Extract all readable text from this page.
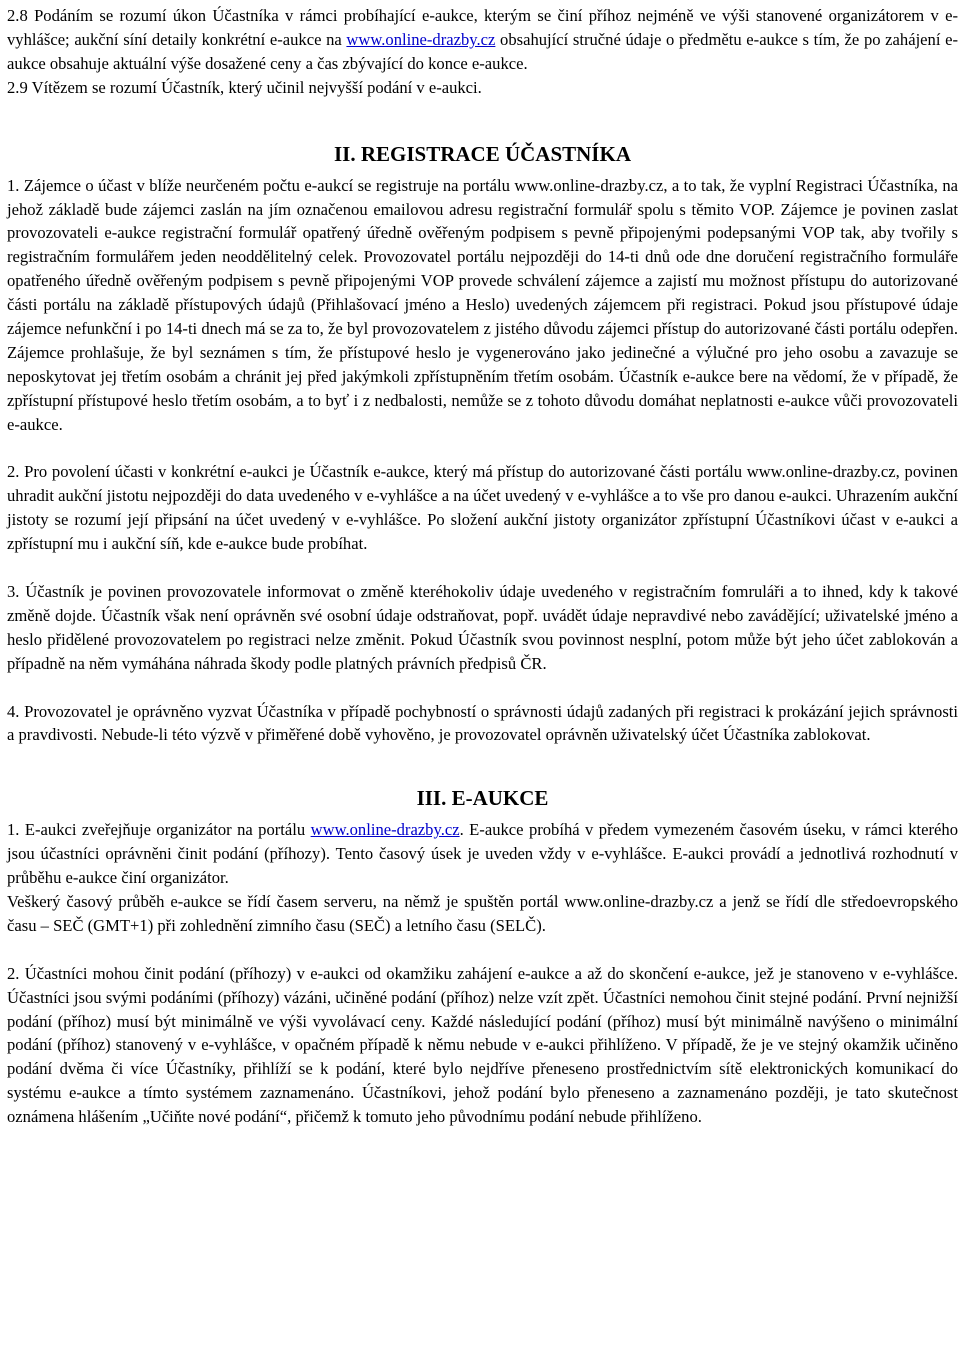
2.8 Podáním se rozumí úkon Účastníka v rámci probíhající e-aukce, kterým se činí příhoz nejméně ve výši stanovené organizátorem v e-vyhlášce; aukční síní detaily konkrétní e-aukce na www.online-drazby.cz obsahující stručné údaje o předmětu e-aukce s tím, že po zahájení e-aukce obsahuje aktuální výše dosažené ceny a čas zbývající do konce e-aukce.

2.9 Vítězem se rozumí Účastník, který učinil nejvyšší podání v e-aukci.

II. REGISTRACE ÚČASTNÍKA

1. Zájemce o účast v blíže neurčeném počtu e-aukcí se registruje na portálu www.online-drazby.cz, a to tak, že vyplní Registraci Účastníka, na jehož základě bude zájemci zaslán na jím označenou emailovou adresu registrační formulář spolu s těmito VOP. Zájemce je povinen zaslat provozovateli e-aukce registrační formulář opatřený úředně ověřeným podpisem s pevně připojenými podepsanými VOP tak, aby tvořily s registračním formulářem jeden neoddělitelný celek. Provozovatel portálu nejpozději do 14-ti dnů ode dne doručení registračního formuláře opatřeného úředně ověřeným podpisem s pevně připojenými VOP provede schválení zájemce a zajistí mu možnost přístupu do autorizované části portálu na základě přístupových údajů (Přihlašovací jméno a Heslo) uvedených zájemcem při registraci. Pokud jsou přístupové údaje zájemce nefunkční i po 14-ti dnech má se za to, že byl provozovatelem z jistého důvodu zájemci přístup do autorizované části portálu odepřen. Zájemce prohlašuje, že byl seznámen s tím, že přístupové heslo je vygenerováno jako jedinečné a výlučné pro jeho osobu a zavazuje se neposkytovat jej třetím osobám a chránit jej před jakýmkoli zpřístupněním třetím osobám. Účastník e-aukce bere na vědomí, že v případě, že zpřístupní přístupové heslo třetím osobám, a to byť i z nedbalosti, nemůže se z tohoto důvodu domáhat neplatnosti e-aukce vůči provozovateli e-aukce.

2. Pro povolení účasti v konkrétní e-aukci je Účastník e-aukce, který má přístup do autorizované části portálu www.online-drazby.cz, povinen uhradit aukční jistotu nejpozději do data uvedeného v e-vyhlášce a na účet uvedený v e-vyhlášce a to vše pro danou e-aukci. Uhrazením aukční jistoty se rozumí její připsání na účet uvedený v e-vyhlášce. Po složení aukční jistoty organizátor zpřístupní Účastníkovi účast v e-aukci a zpřístupní mu i aukční síň, kde e-aukce bude probíhat.

3. Účastník je povinen provozovatele informovat o změně kteréhokoliv údaje uvedeného v registračním fomruláři a to ihned, kdy k takové změně dojde. Účastník však není oprávněn své osobní údaje odstraňovat, popř. uvádět údaje nepravdivé nebo zavádějící; uživatelské jméno a heslo přidělené provozovatelem po registraci nelze změnit. Pokud Účastník svou povinnost nesplní, potom může být jeho účet zablokován a případně na něm vymáhána náhrada škody podle platných právních předpisů ČR.

4. Provozovatel je oprávněno vyzvat Účastníka v případě pochybností o správnosti údajů zadaných při registraci k prokázání jejich správnosti a pravdivosti. Nebude-li této výzvě v přiměřené době vyhověno, je provozovatel oprávněn uživatelský účet Účastníka zablokovat.

III. E-AUKCE

1. E-aukci zveřejňuje organizátor na portálu www.online-drazby.cz. E-aukce probíhá v předem vymezeném časovém úseku, v rámci kterého jsou účastníci oprávněni činit podání (příhozy). Tento časový úsek je uveden vždy v e-vyhlášce. E-aukci provádí a jednotlivá rozhodnutí v průběhu e-aukce činí organizátor.

Veškerý časový průběh e-aukce se řídí časem serveru, na němž je spuštěn portál www.online-drazby.cz a jenž se řídí dle středoevropského času – SEČ (GMT+1) při zohlednění zimního času (SEČ) a letního času (SELČ).

2. Účastníci mohou činit podání (příhozy) v e-aukci od okamžiku zahájení e-aukce a až do skončení e-aukce, jež je stanoveno v e-vyhlášce. Účastníci jsou svými podáními (příhozy) vázáni, učiněné podání (příhoz) nelze vzít zpět. Účastníci nemohou činit stejné podání. První nejnižší podání (příhoz) musí být minimálně ve výši vyvolávací ceny. Každé následující podání (příhoz) musí být minimálně navýšeno o minimální podání (příhoz) stanovený v e-vyhlášce, v opačném případě k němu nebude v e-aukci přihlíženo. V případě, že je ve stejný okamžik učiněno podání dvěma či více Účastníky, přihlíží se k podání, které bylo nejdříve přeneseno prostřednictvím sítě elektronických komunikací do systému e-aukce a tímto systémem zaznamenáno. Účastníkovi, jehož podání bylo přeneseno a zaznamenáno později, je tato skutečnost oznámena hlášením „Učiňte nové podání“, přičemž k tomuto jeho původnímu podání nebude přihlíženo.
